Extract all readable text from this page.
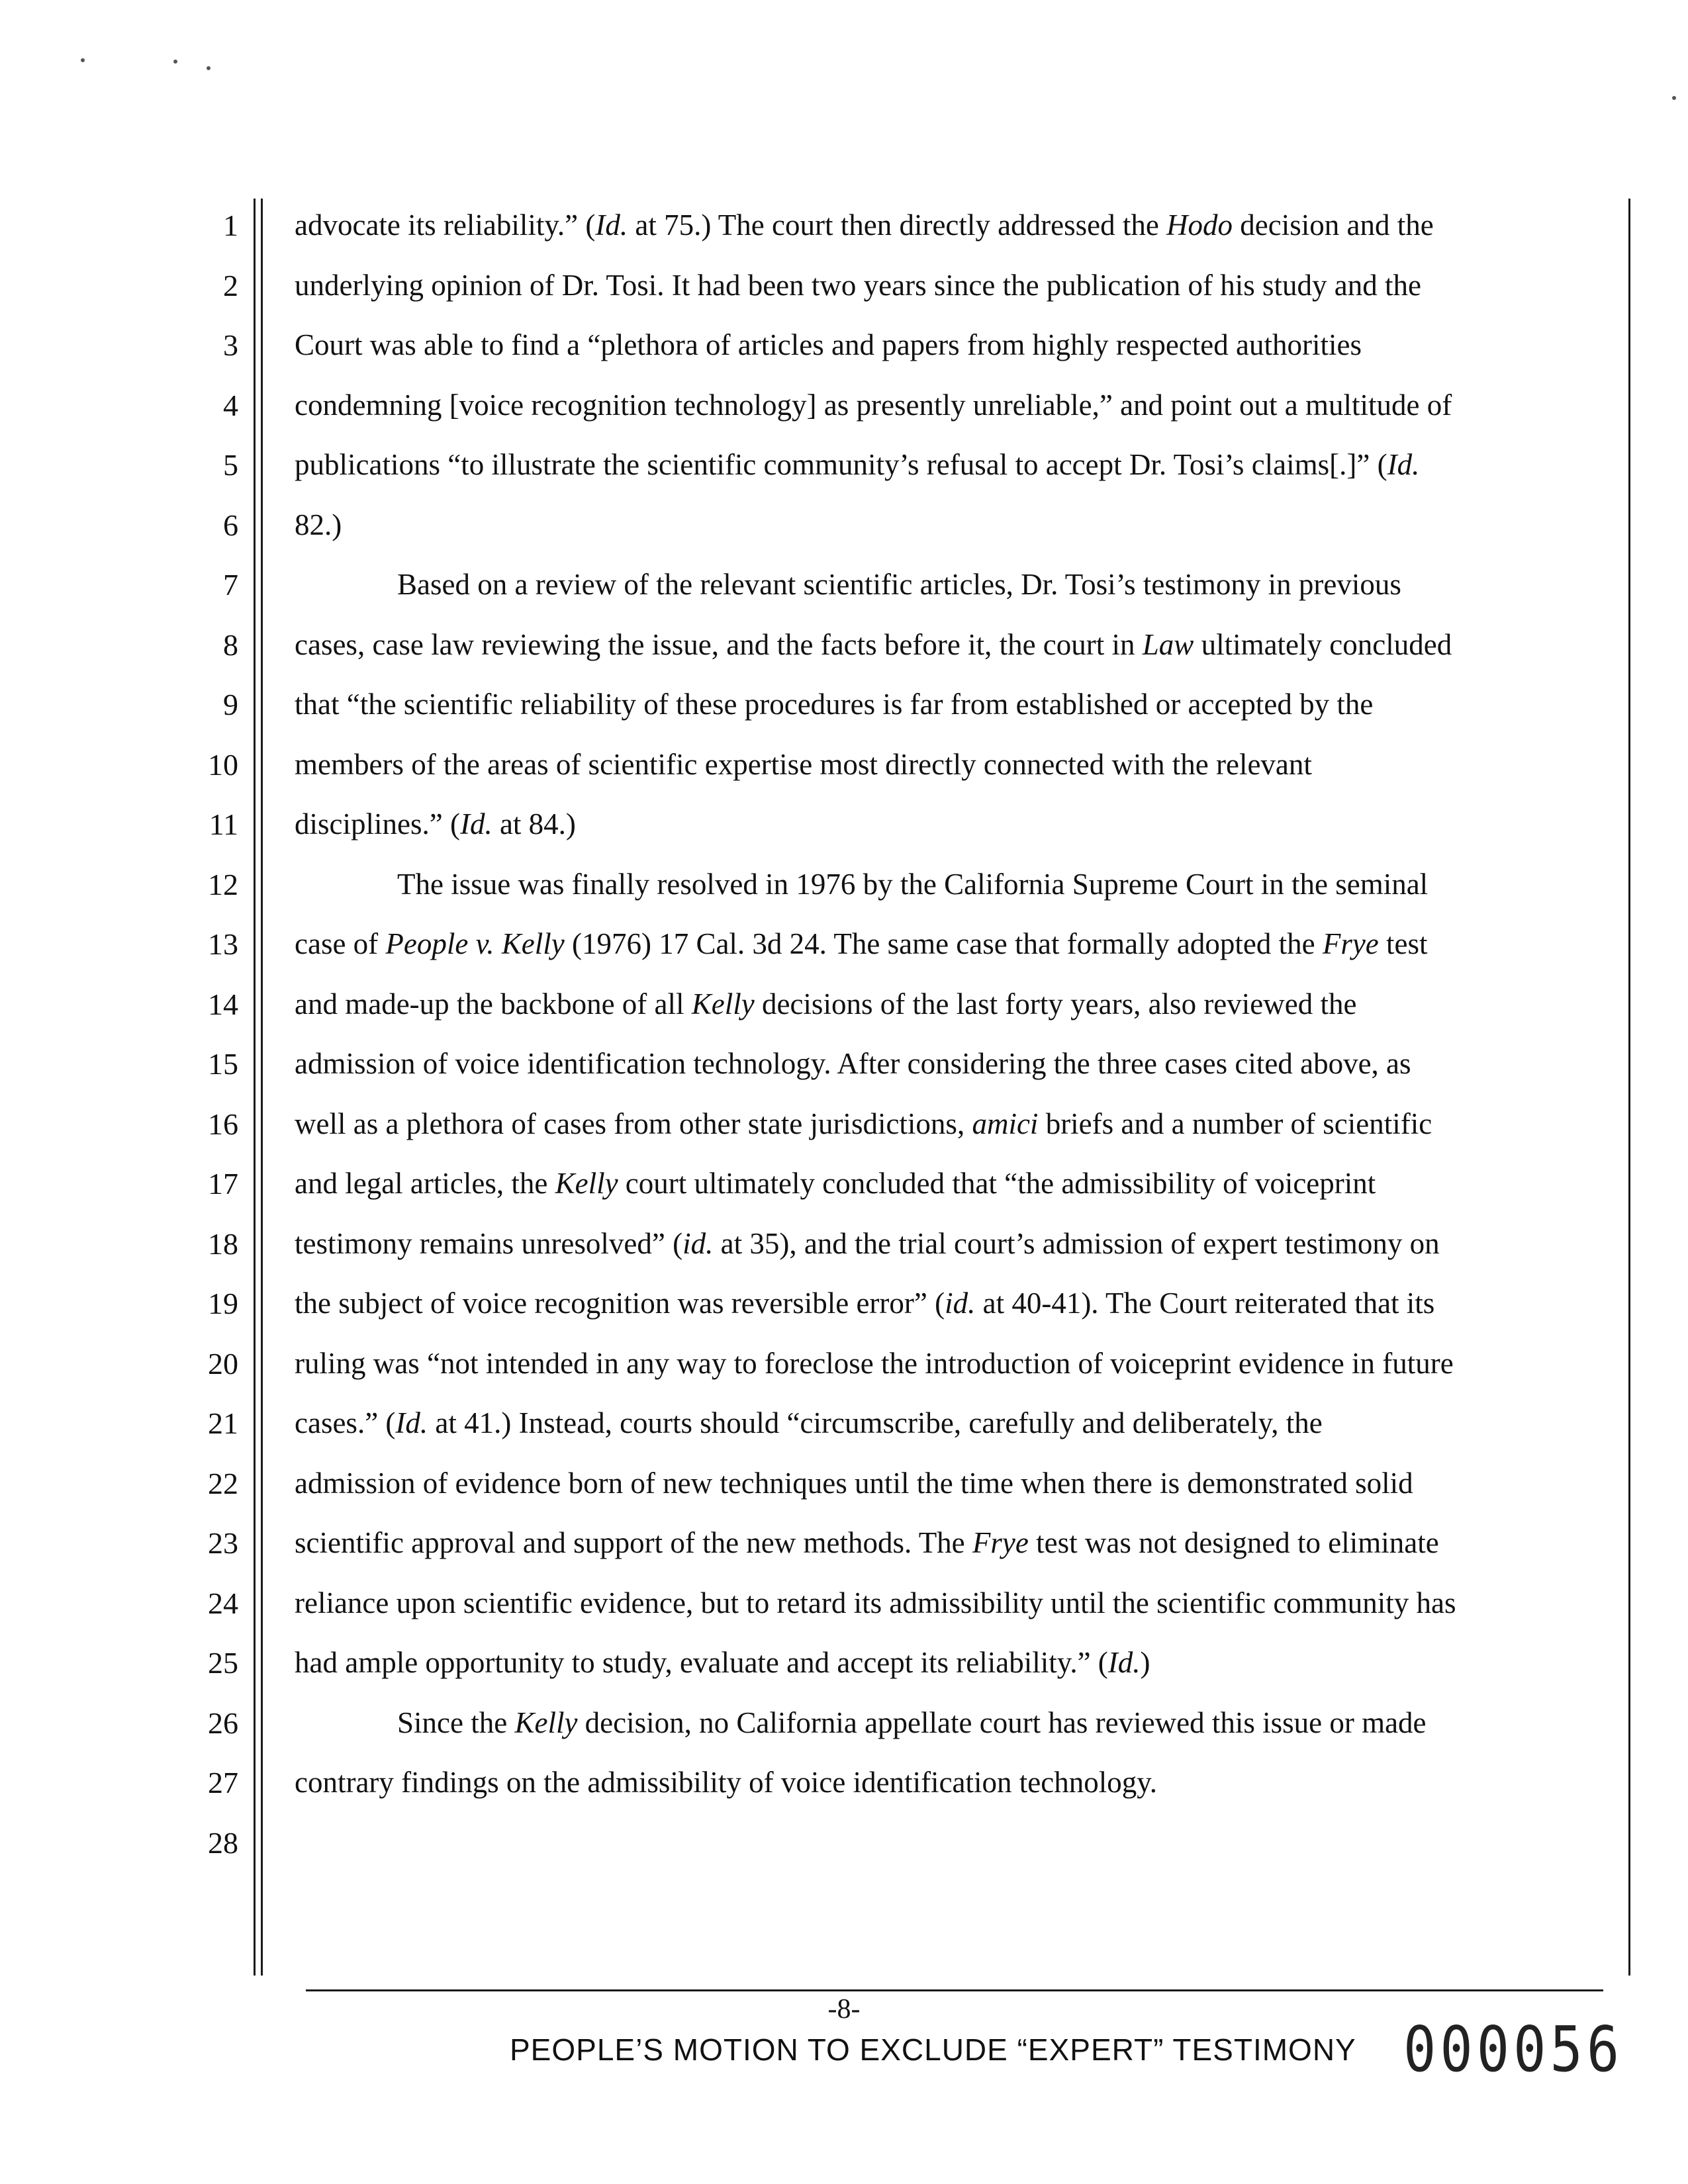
1
2
3
4
5
6
7
8
9
10
11
12
13
14
15
16
17
18
19
20
21
22
23
24
25
26
27
28
advocate its reliability.” (Id. at 75.) The court then directly addressed the Hodo decision and the
underlying opinion of Dr. Tosi. It had been two years since the publication of his study and the
Court was able to find a “plethora of articles and papers from highly respected authorities
condemning [voice recognition technology] as presently unreliable,” and point out a multitude of
publications “to illustrate the scientific community’s refusal to accept Dr. Tosi’s claims[.]” (Id.
82.)
Based on a review of the relevant scientific articles, Dr. Tosi’s testimony in previous
cases, case law reviewing the issue, and the facts before it, the court in Law ultimately concluded
that “the scientific reliability of these procedures is far from established or accepted by the
members of the areas of scientific expertise most directly connected with the relevant
disciplines.” (Id. at 84.)
The issue was finally resolved in 1976 by the California Supreme Court in the seminal
case of People v. Kelly (1976) 17 Cal. 3d 24. The same case that formally adopted the Frye test
and made-up the backbone of all Kelly decisions of the last forty years, also reviewed the
admission of voice identification technology. After considering the three cases cited above, as
well as a plethora of cases from other state jurisdictions, amici briefs and a number of scientific
and legal articles, the Kelly court ultimately concluded that “the admissibility of voiceprint
testimony remains unresolved” (id. at 35), and the trial court’s admission of expert testimony on
the subject of voice recognition was reversible error” (id. at 40-41). The Court reiterated that its
ruling was “not intended in any way to foreclose the introduction of voiceprint evidence in future
cases.” (Id. at 41.) Instead, courts should “circumscribe, carefully and deliberately, the
admission of evidence born of new techniques until the time when there is demonstrated solid
scientific approval and support of the new methods. The Frye test was not designed to eliminate
reliance upon scientific evidence, but to retard its admissibility until the scientific community has
had ample opportunity to study, evaluate and accept its reliability.” (Id.)
Since the Kelly decision, no California appellate court has reviewed this issue or made
contrary findings on the admissibility of voice identification technology.
-8-
PEOPLE’S MOTION TO EXCLUDE “EXPERT” TESTIMONY 000056
